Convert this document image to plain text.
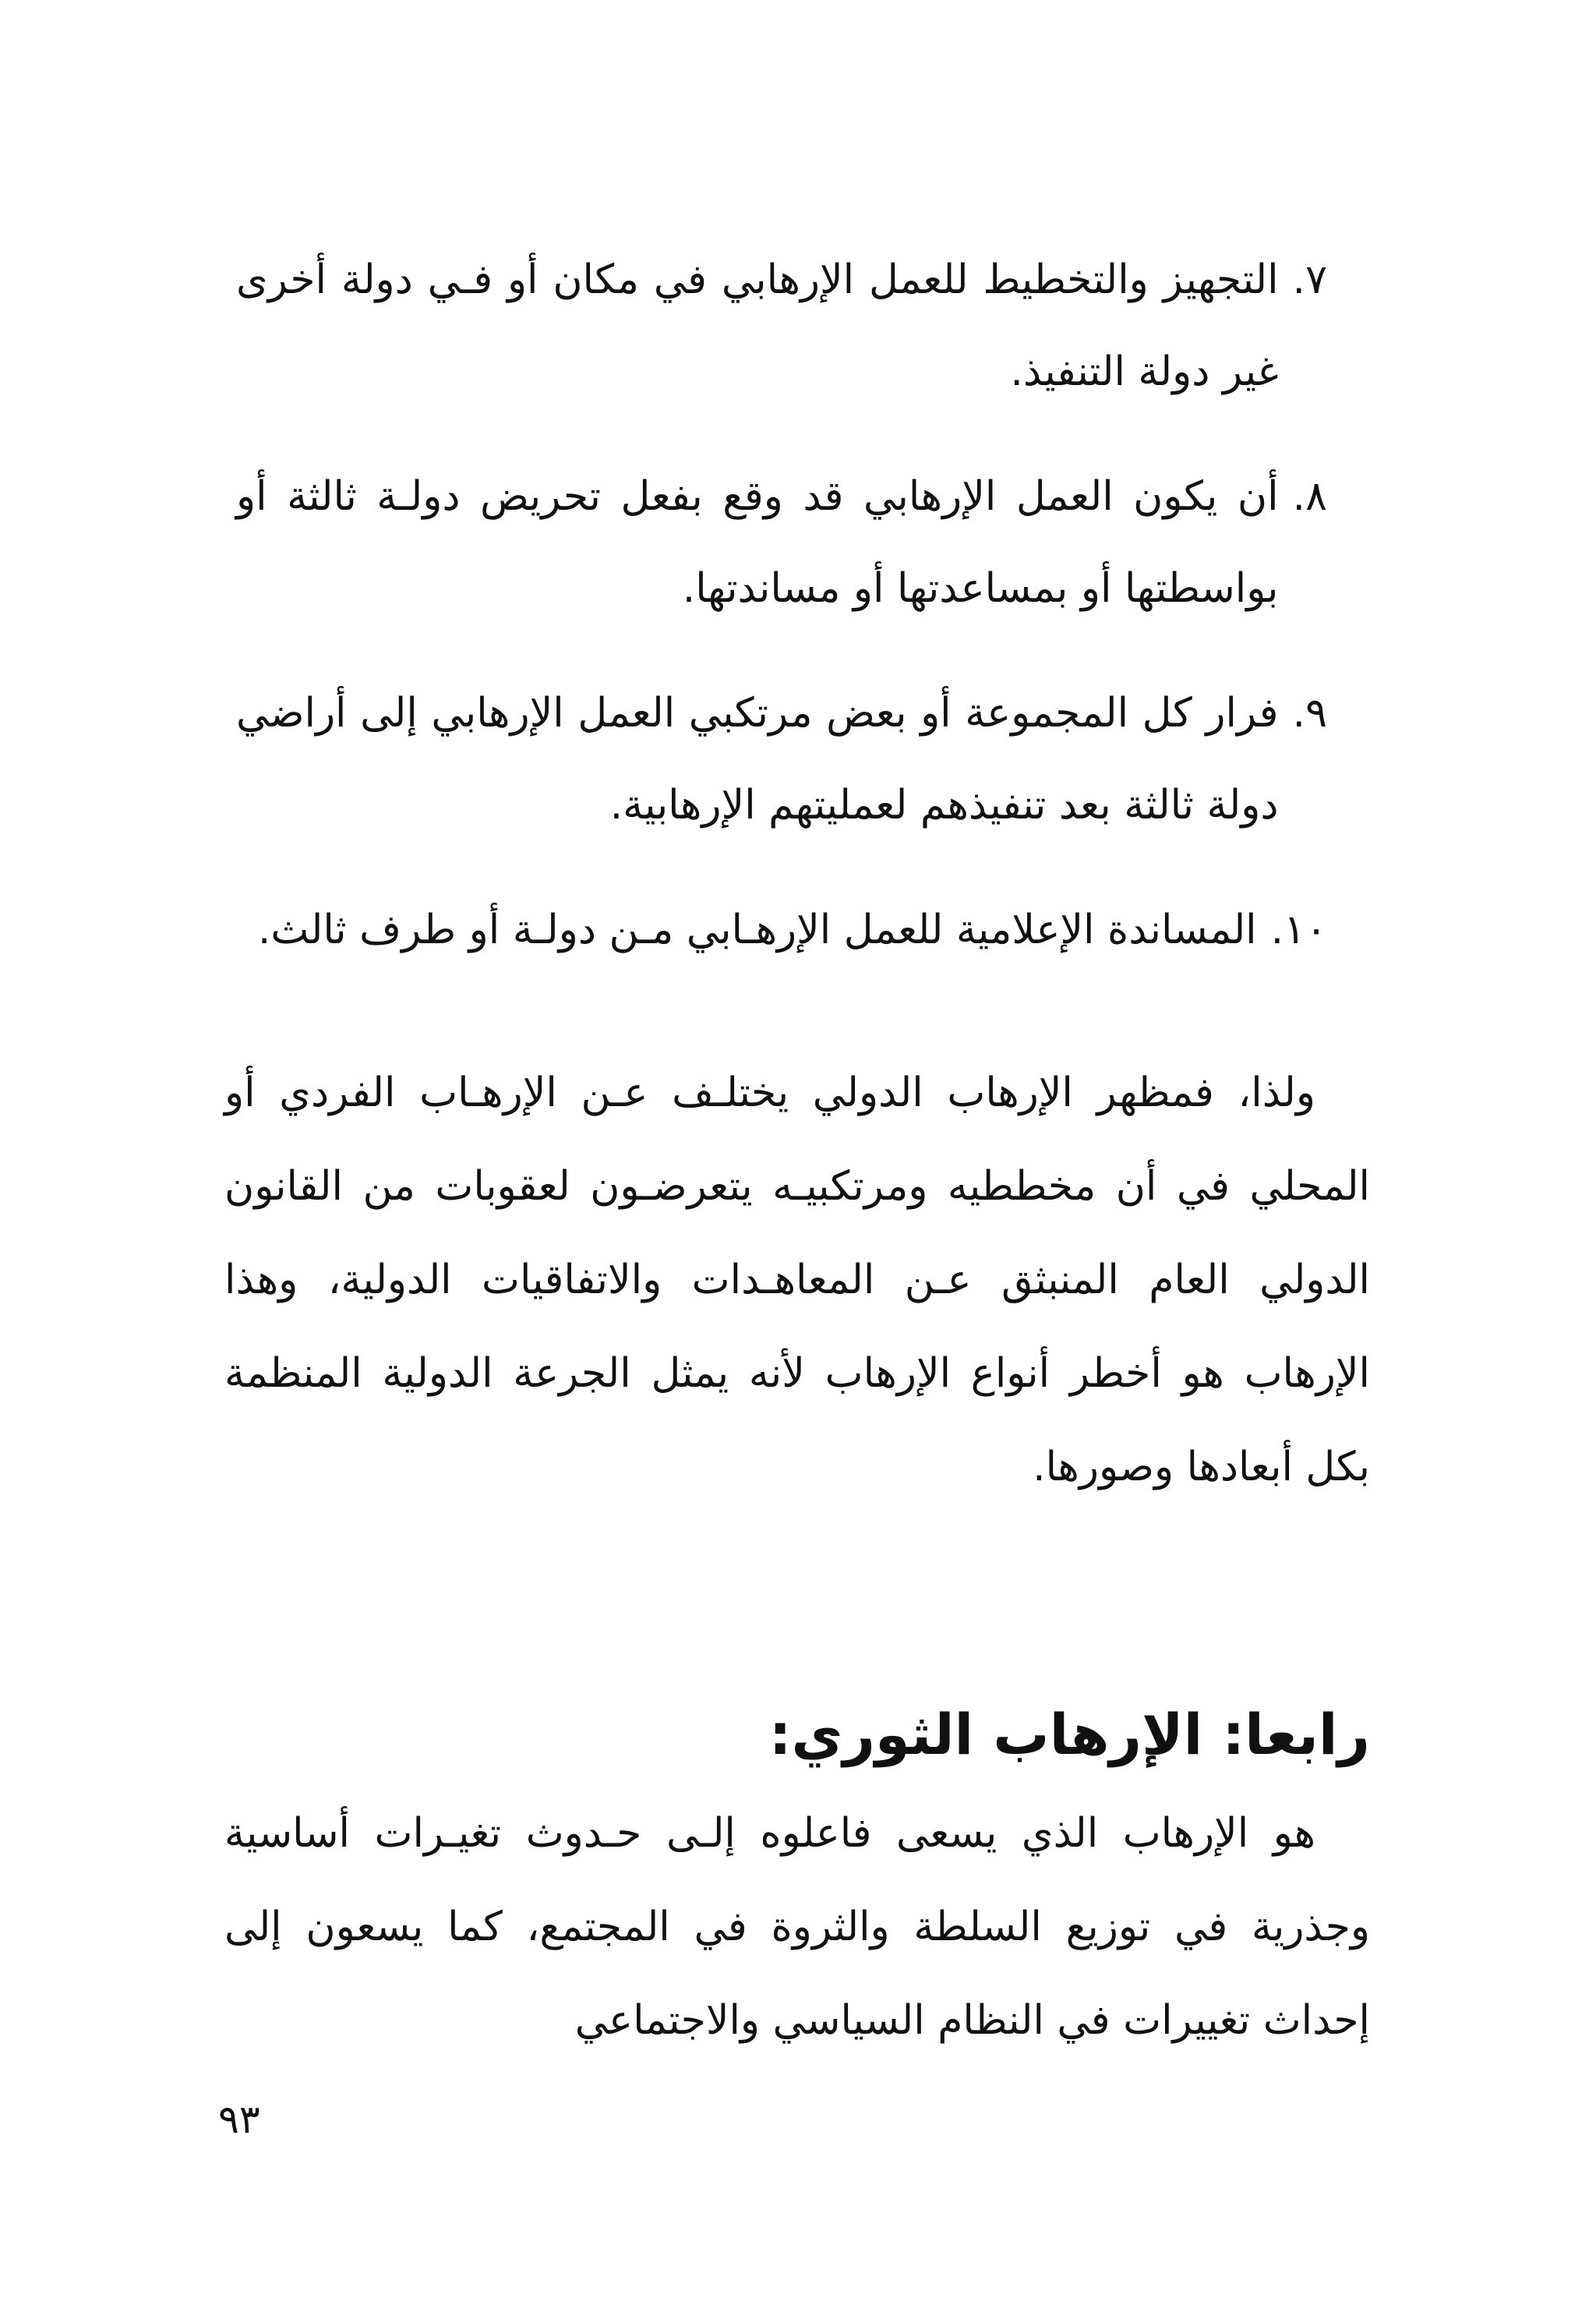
٧.
التجهيز والتخطيط للعمل الإرهابي في مكان أو فـي دولة أخرى غير دولة التنفيذ.
٨.
أن يكون العمل الإرهابي قد وقع بفعل تحريض دولـة ثالثة أو بواسطتها أو بمساعدتها أو مساندتها.
٩.
فرار كل المجموعة أو بعض مرتكبي العمل الإرهابي إلى أراضي دولة ثالثة بعد تنفيذهم لعمليتهم الإرهابية.
١٠.
المساندة الإعلامية للعمل الإرهـابي مـن دولـة أو طرف ثالث.

ولذا، فمظهر الإرهاب الدولي يختلـف عـن الإرهـاب الفردي أو المحلي في أن مخططيه ومرتكبيـه يتعرضـون لعقوبات من القانون الدولي العام المنبثق عـن المعاهـدات والاتفاقيات الدولية، وهذا الإرهاب هو أخطر أنواع الإرهاب لأنه يمثل الجرعة الدولية المنظمة بكل أبعادها وصورها.

رابعا: الإرهاب الثوري:

هو الإرهاب الذي يسعى فاعلوه إلـى حـدوث تغيـرات أساسية وجذرية في توزيع السلطة والثروة في المجتمع، كما يسعون إلى إحداث تغييرات في النظام السياسي والاجتماعي

٩٣
